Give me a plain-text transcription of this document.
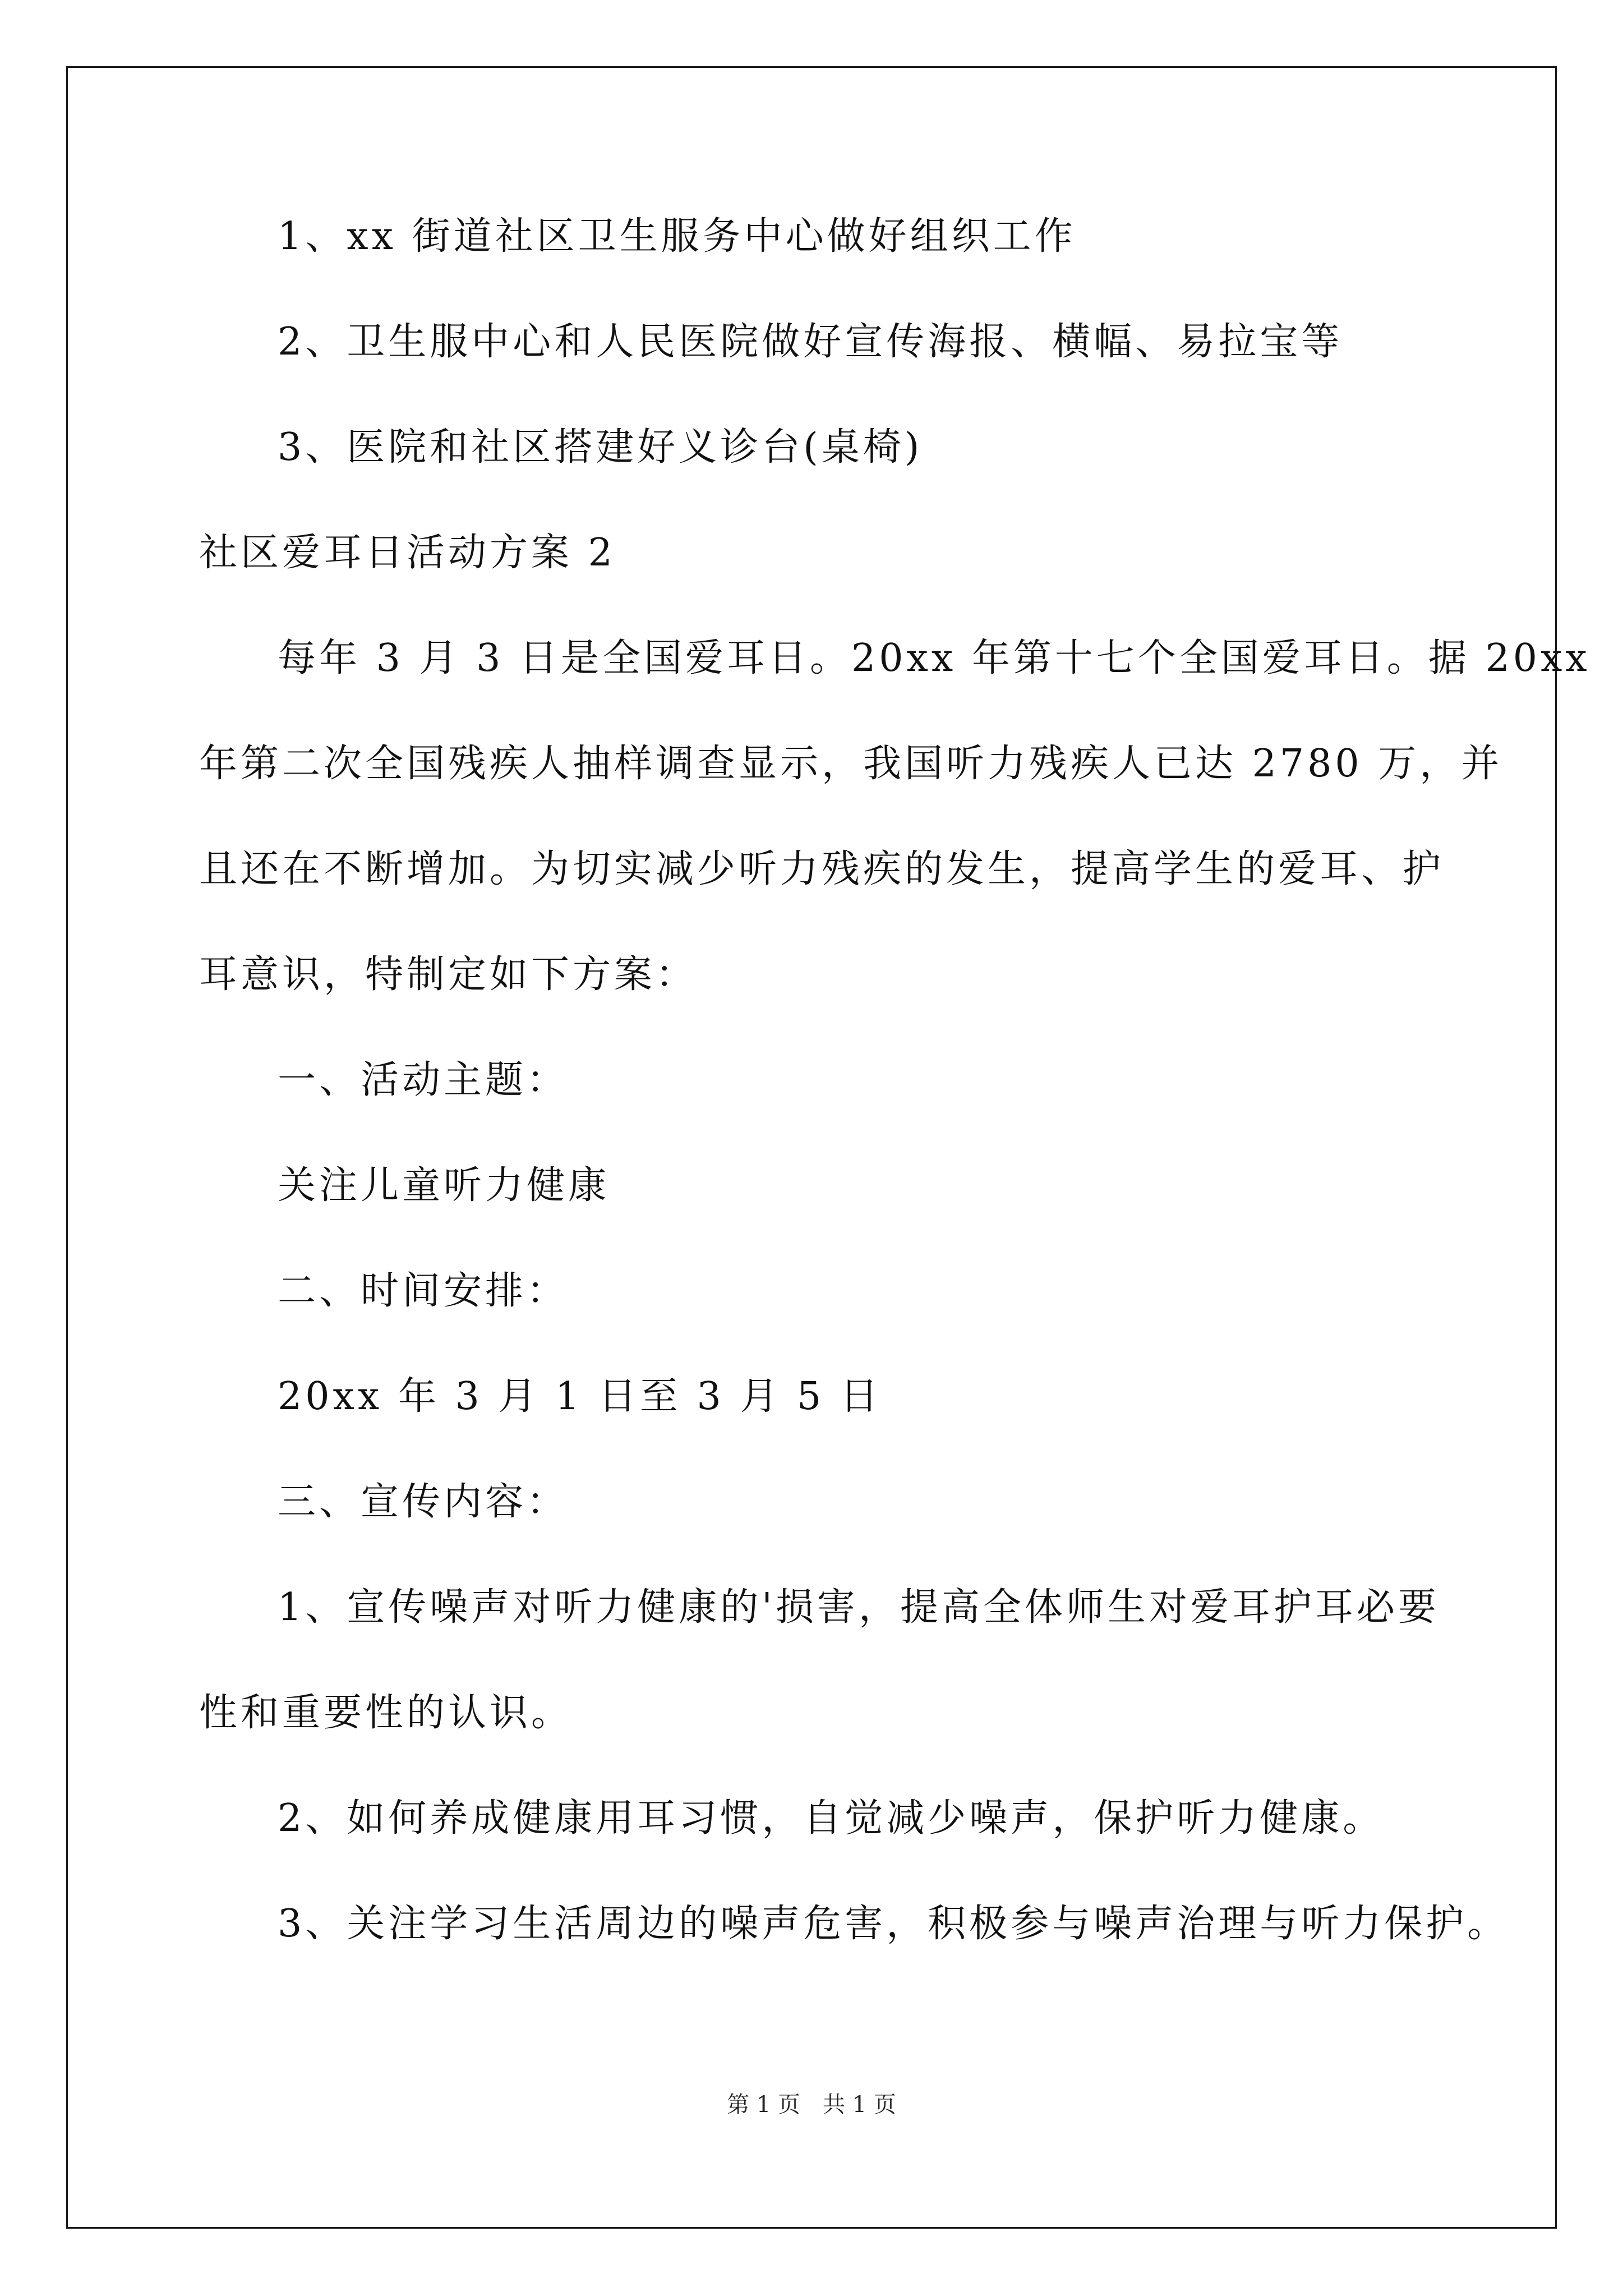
1、xx 街道社区卫生服务中心做好组织工作
2、卫生服中心和人民医院做好宣传海报、横幅、易拉宝等
3、医院和社区搭建好义诊台(桌椅)
社区爱耳日活动方案 2
每年 3 月 3 日是全国爱耳日。20xx 年第十七个全国爱耳日。据 20xx
年第二次全国残疾人抽样调查显示，我国听力残疾人已达 2780 万，并
且还在不断增加。为切实减少听力残疾的发生，提高学生的爱耳、护
耳意识，特制定如下方案：
一、活动主题：
关注儿童听力健康
二、时间安排：
20xx 年 3 月 1 日至 3 月 5 日
三、宣传内容：
1、宣传噪声对听力健康的'损害，提高全体师生对爱耳护耳必要
性和重要性的认识。
2、如何养成健康用耳习惯，自觉减少噪声，保护听力健康。
3、关注学习生活周边的噪声危害，积极参与噪声治理与听力保护。
第 1 页　共 1 页
